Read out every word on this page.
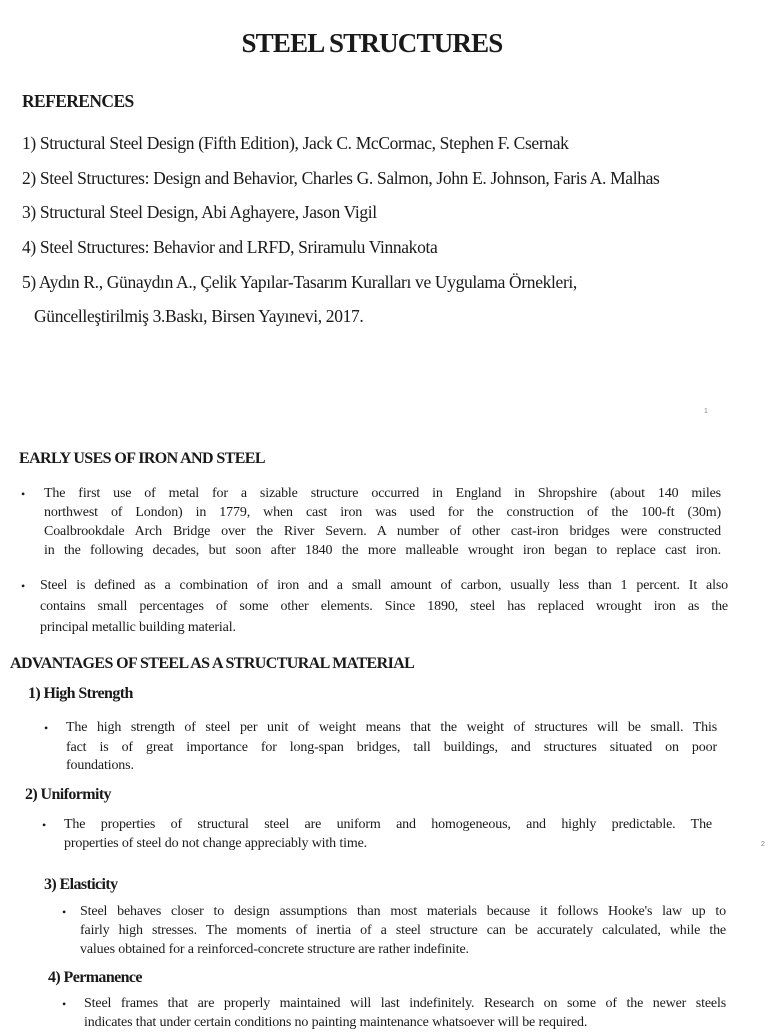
STEEL STRUCTURES
REFERENCES
1) Structural Steel Design (Fifth Edition), Jack C. McCormac, Stephen F. Csernak
2) Steel Structures: Design and Behavior, Charles G. Salmon, John E. Johnson, Faris A. Malhas
3) Structural Steel Design, Abi Aghayere, Jason Vigil
4) Steel Structures: Behavior and LRFD, Sriramulu Vinnakota
5) Aydın R., Günaydın A., Çelik Yapılar-Tasarım Kuralları ve Uygulama Örnekleri,
Güncelleştirilmiş 3.Baskı, Birsen Yayınevi, 2017.
1
EARLY USES OF IRON AND STEEL
• The first use of metal for a sizable structure occurred in England in Shropshire (about 140 miles
northwest of London) in 1779, when cast iron was used for the construction of the 100-ft (30m)
Coalbrookdale Arch Bridge over the River Severn. A number of other cast-iron bridges were constructed
in the following decades, but soon after 1840 the more malleable wrought iron began to replace cast iron.
• Steel is defined as a combination of iron and a small amount of carbon, usually less than 1 percent. It also
contains small percentages of some other elements. Since 1890, steel has replaced wrought iron as the
principal metallic building material.
ADVANTAGES OF STEEL AS A STRUCTURAL MATERIAL
1) High Strength
• The high strength of steel per unit of weight means that the weight of structures will be small. This
fact is of great importance for long-span bridges, tall buildings, and structures situated on poor
foundations.
2) Uniformity
• The properties of structural steel are uniform and homogeneous, and highly predictable. The
properties of steel do not change appreciably with time.	2
3) Elasticity
• Steel behaves closer to design assumptions than most materials because it follows Hooke's law up to
fairly high stresses. The moments of inertia of a steel structure can be accurately calculated, while the
values obtained for a reinforced-concrete structure are rather indefinite.
4) Permanence
• Steel frames that are properly maintained will last indefinitely. Research on some of the newer steels
indicates that under certain conditions no painting maintenance whatsoever will be required.
